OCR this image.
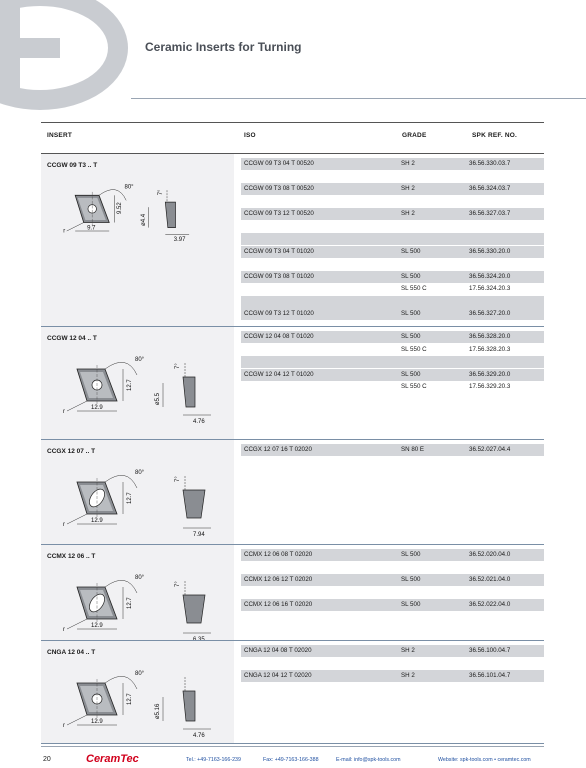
Ceramic Inserts for Turning
INSERT	ISO	GRADE	SPK REF. NO.
CCGW 09 T3 .. T
9.7
9.52
3.97
80°
7°
ø4.4
r
CCGW 09 T3 04 T 00520	SH 2	36.56.330.03.7
CCGW 09 T3 08 T 00520	SH 2	36.56.324.03.7
CCGW 09 T3 12 T 00520	SH 2	36.56.327.03.7
CCGW 09 T3 04 T 01020	SL 500	36.56.330.20.0
CCGW 09 T3 08 T 01020	SL 500	36.56.324.20.0
SL 550 C	17.56.324.20.3
CCGW 09 T3 12 T 01020	SL 500	36.56.327.20.0
CCGW 12 04 .. T
12.9
12.7
4.76
80°
7°
ø5.5
r
CCGW 12 04 08 T 01020	SL 500	36.56.328.20.0
SL 550 C	17.56.328.20.3
CCGW 12 04 12 T 01020	SL 500	36.56.329.20.0
SL 550 C	17.56.329.20.3
CCGX 12 07 .. T
12.9
12.7
7.94
80°
7°
r
CCGX 12 07 16 T 02020	SN 80 E	36.52.027.04.4
CCMX 12 06 .. T
12.9
12.7
6.35
80°
7°
r
CCMX 12 06 08 T 02020	SL 500	36.52.020.04.0
CCMX 12 06 12 T 02020	SL 500	36.52.021.04.0
CCMX 12 06 16 T 02020	SL 500	36.52.022.04.0
CNGA 12 04 .. T
12.9
12.7
4.76
80°
ø5.16
r
CNGA 12 04 08 T 02020	SH 2	36.56.100.04.7
CNGA 12 04 12 T 02020	SH 2	36.56.101.04.7
20	CeramTec	Tel.: +49-7163-166-239	Fax: +49-7163-166-388	E-mail: info@spk-tools.com	Website: spk-tools.com • ceramtec.com
